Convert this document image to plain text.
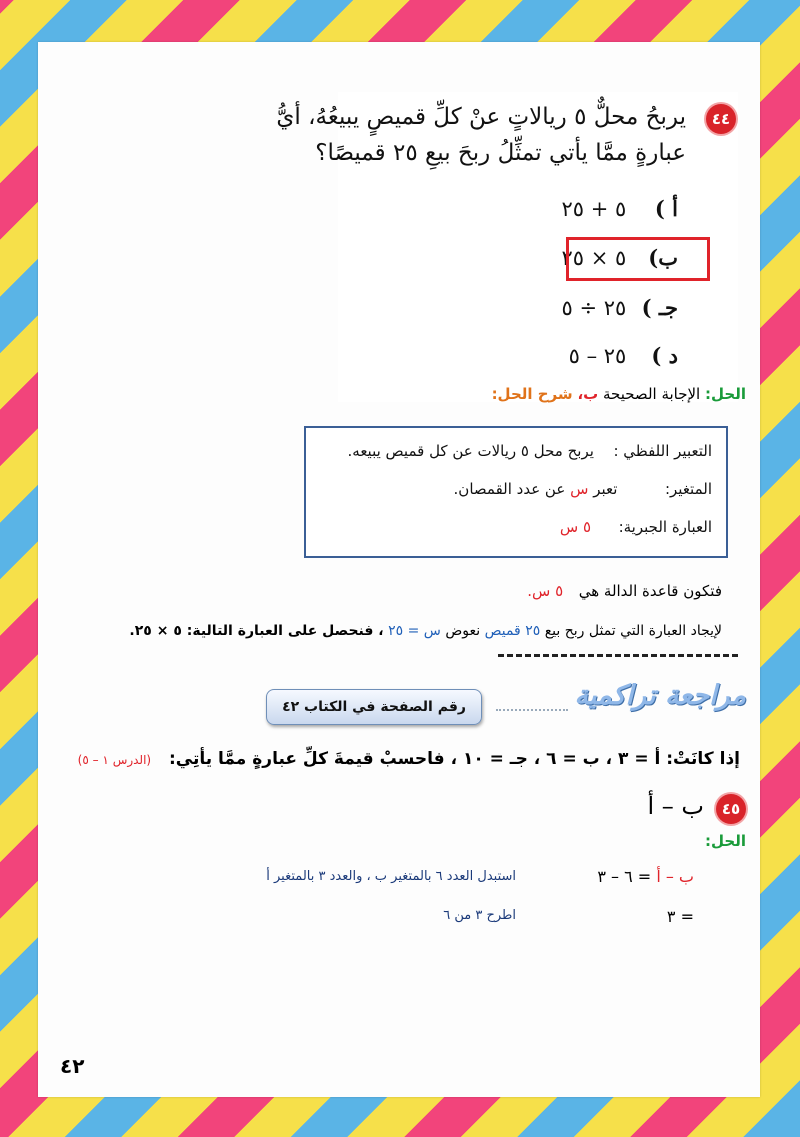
٤٤
يربحُ محلٌّ ٥ ريالاتٍ عنْ كلِّ قميصٍ يبيعُهُ، أيُّ
عبارةٍ ممَّا يأتي تمثِّلُ ربحَ بيعِ ٢٥ قميصًا؟
أ ) ٥ + ٢٥
ب) ٥ × ٢٥
جـ ) ٢٥ ÷ ٥
د ) ٢٥ – ٥
الحل: الإجابة الصحيحة ب، شرح الحل:
التعبير اللفظي :  يربح محل ٥ ريالات عن كل قميص يبيعه.
المتغير:  تعبر س عن عدد القمصان.
العبارة الجبرية:  ٥ س
فتكون قاعدة الدالة هي  ٥ س.
لإيجاد العبارة التي تمثل ربح بيع ٢٥ قميص نعوض س = ٢٥ ، فنحصل على العبارة التالية: ٥ × ٢٥.
مراجعة تراكمية
رقم الصفحة في الكتاب ٤٢
إذا كانَتْ: أ = ٣ ، ب = ٦ ، جـ = ١٠ ، فاحسبْ قيمةَ كلِّ عبارةٍ ممَّا يأتِي:  (الدرس ١ – ٥)
٤٥
ب – أ
الحل:
ب – أ = ٦ – ٣
استبدل العدد ٦ بالمتغير ب ، والعدد ٣ بالمتغير أ
= ٣
اطرح ٣ من ٦
٤٢
